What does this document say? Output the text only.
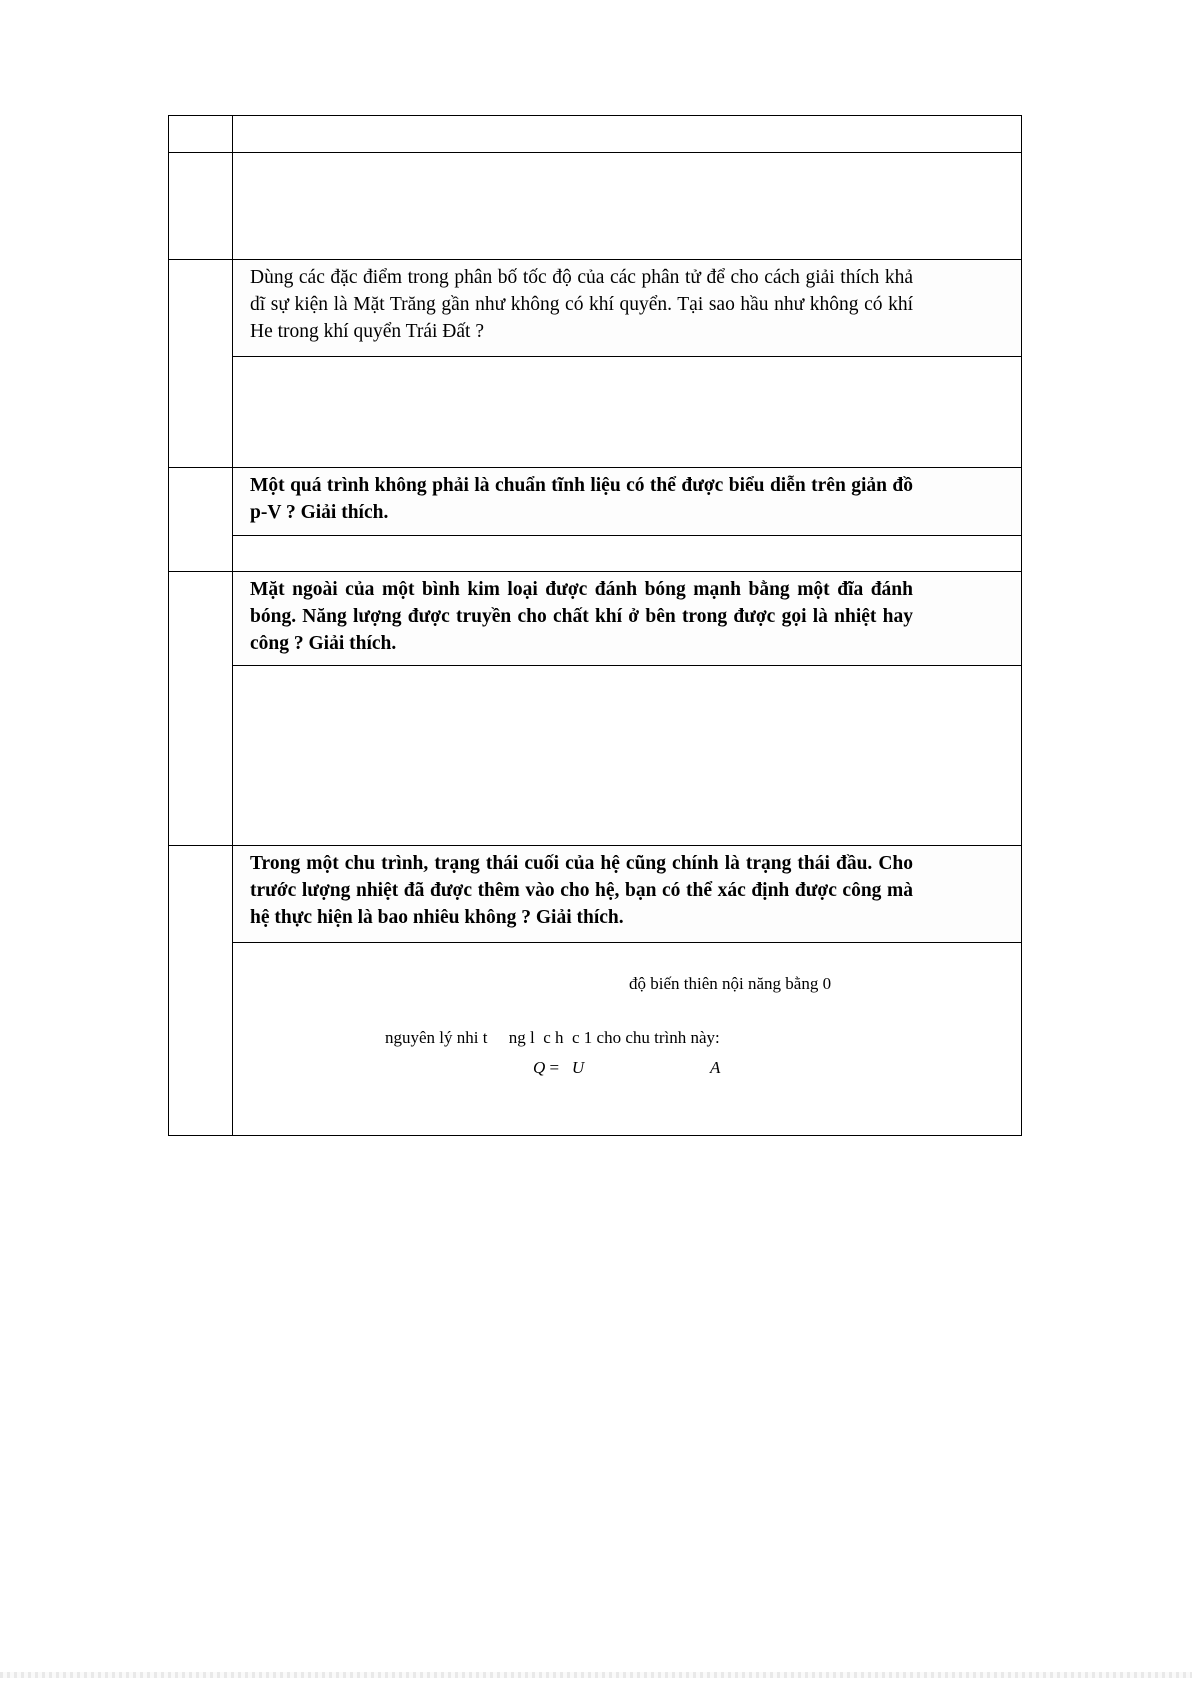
Dùng các đặc điểm trong phân bố tốc độ của các phân tử để cho cách giải thích khả dĩ sự kiện là Mặt Trăng gần như không có khí quyển. Tại sao hầu như không có khí He trong khí quyển Trái Đất ?
Một quá trình không phải là chuẩn tĩnh liệu có thể được biểu diễn trên giản đồ p-V ? Giải thích.
Mặt ngoài của một bình kim loại được đánh bóng mạnh bằng một đĩa đánh bóng. Năng lượng được truyền cho chất khí ở bên trong được gọi là nhiệt hay công ? Giải thích.
Trong một chu trình, trạng thái cuối của hệ cũng chính là trạng thái đầu. Cho trước lượng nhiệt đã được thêm vào cho hệ, bạn có thể xác định được công mà hệ thực hiện là bao nhiêu không ? Giải thích.
độ biến thiên nội năng bằng 0
nguyên lý nhi t     ng l  c h  c 1 cho chu trình này:
Q =   U	A
